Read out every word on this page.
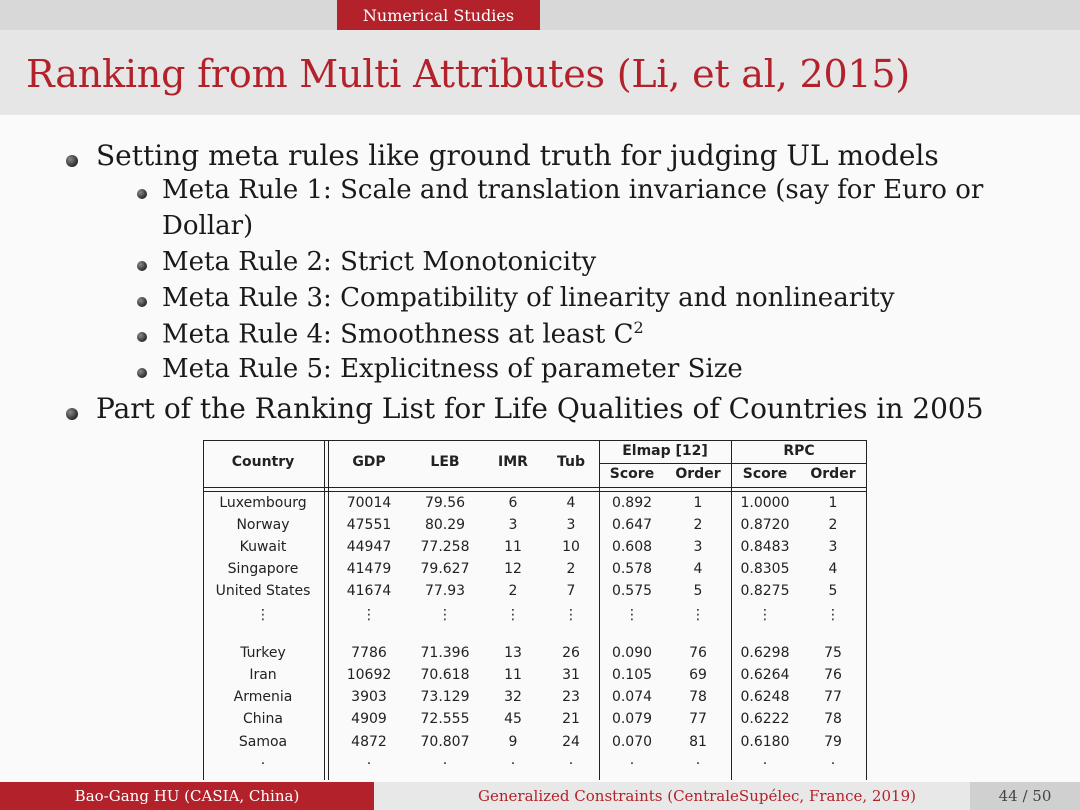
Numerical Studies
Ranking from Multi Attributes (Li, et al, 2015)
Setting meta rules like ground truth for judging UL models
Meta Rule 1: Scale and translation invariance (say for Euro or
Dollar)
Meta Rule 2: Strict Monotonicity
Meta Rule 3: Compatibility of linearity and nonlinearity
Meta Rule 4: Smoothness at least $C^2$
Meta Rule 5: Explicitness of parameter Size
Part of the Ranking List for Life Qualities of Countries in 2005
Country	GDP	LEB	IMR	Tub
Elmap [12]	RPC
Score	Order	Score	Order
Luxembourg	70014	79.56	6	4	0.892	1	1.0000	1
Norway	47551	80.29	3	3	0.647	2	0.8720	2
Kuwait	44947	77.258	11	10	0.608	3	0.8483	3
Singapore	41479	79.627	12	2	0.578	4	0.8305	4
United States	41674	77.93	2	7	0.575	5	0.8275	5
⋮	⋮	⋮	⋮	⋮	⋮	⋮	⋮	⋮
Turkey	7786	71.396	13	26	0.090	76	0.6298	75
Iran	10692	70.618	11	31	0.105	69	0.6264	76
Armenia	3903	73.129	32	23	0.074	78	0.6248	77
China	4909	72.555	45	21	0.079	77	0.6222	78
Samoa	4872	70.807	9	24	0.070	81	0.6180	79
·	·	·	·	·	·	·	·	·
Bao-Gang HU (CASIA, China)	Generalized Constraints (CentraleSupélec, France, 2019)	44 / 50
